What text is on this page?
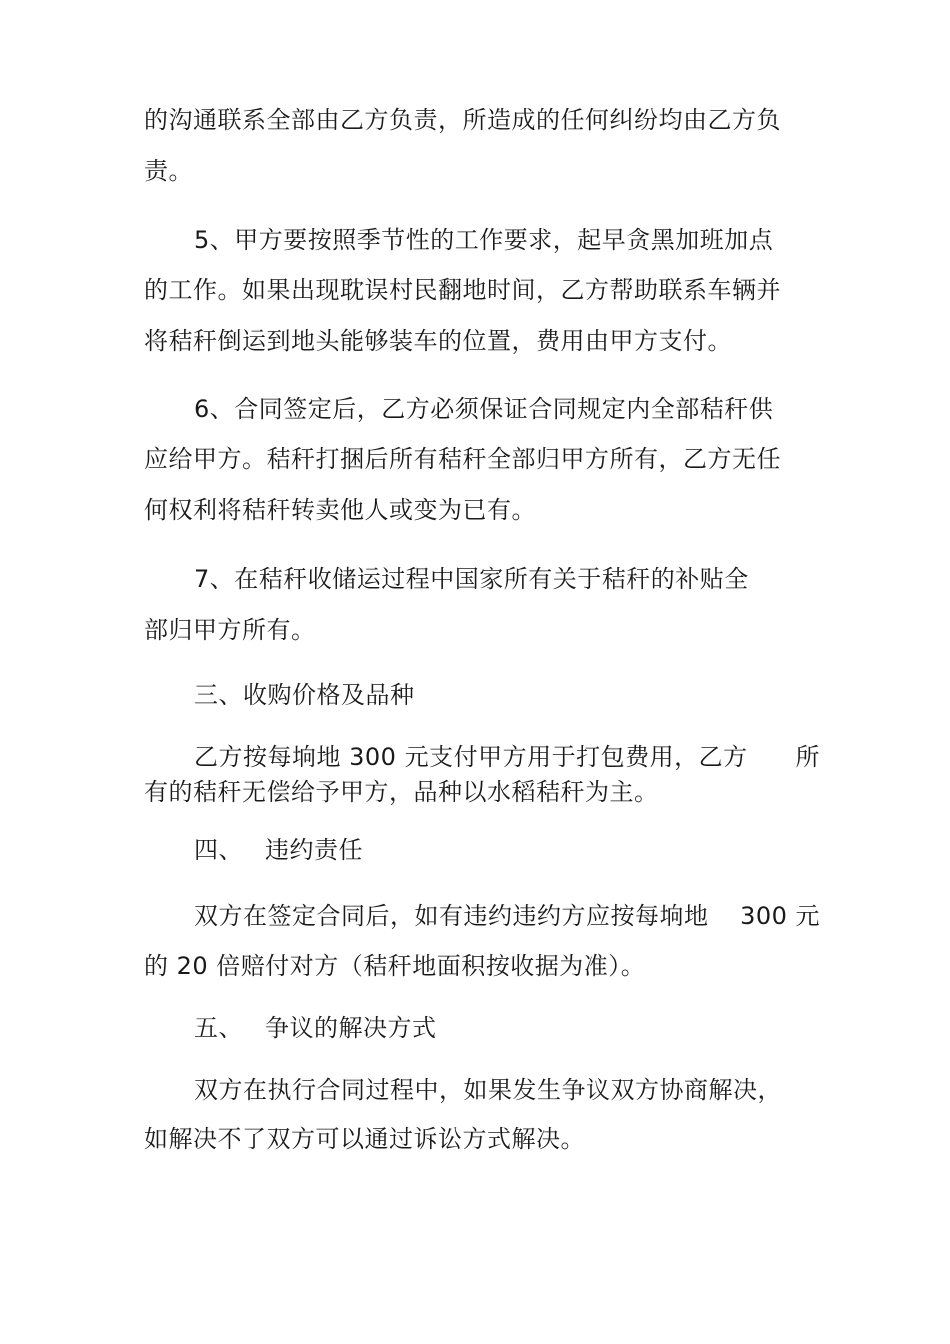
的沟通联系全部由乙方负责，所造成的任何纠纷均由乙方负
责。
5、甲方要按照季节性的工作要求，起早贪黑加班加点
的工作。如果出现耽误村民翻地时间，乙方帮助联系车辆并
将秸秆倒运到地头能够装车的位置，费用由甲方支付。
6、合同签定后，乙方必须保证合同规定内全部秸秆供
应给甲方。秸秆打捆后所有秸秆全部归甲方所有，乙方无任
何权利将秸秆转卖他人或变为已有。
7、在秸秆收储运过程中国家所有关于秸秆的补贴全
部归甲方所有。
三、收购价格及品种
乙方按每垧地 300 元支付甲方用于打包费用，乙方 所
有的秸秆无偿给予甲方，品种以水稻秸秆为主。
四、 违约责任
双方在签定合同后，如有违约违约方应按每垧地 300 元
的 20 倍赔付对方（秸秆地面积按收据为准）。
五、 争议的解决方式
双方在执行合同过程中，如果发生争议双方协商解决，
如解决不了双方可以通过诉讼方式解决。
